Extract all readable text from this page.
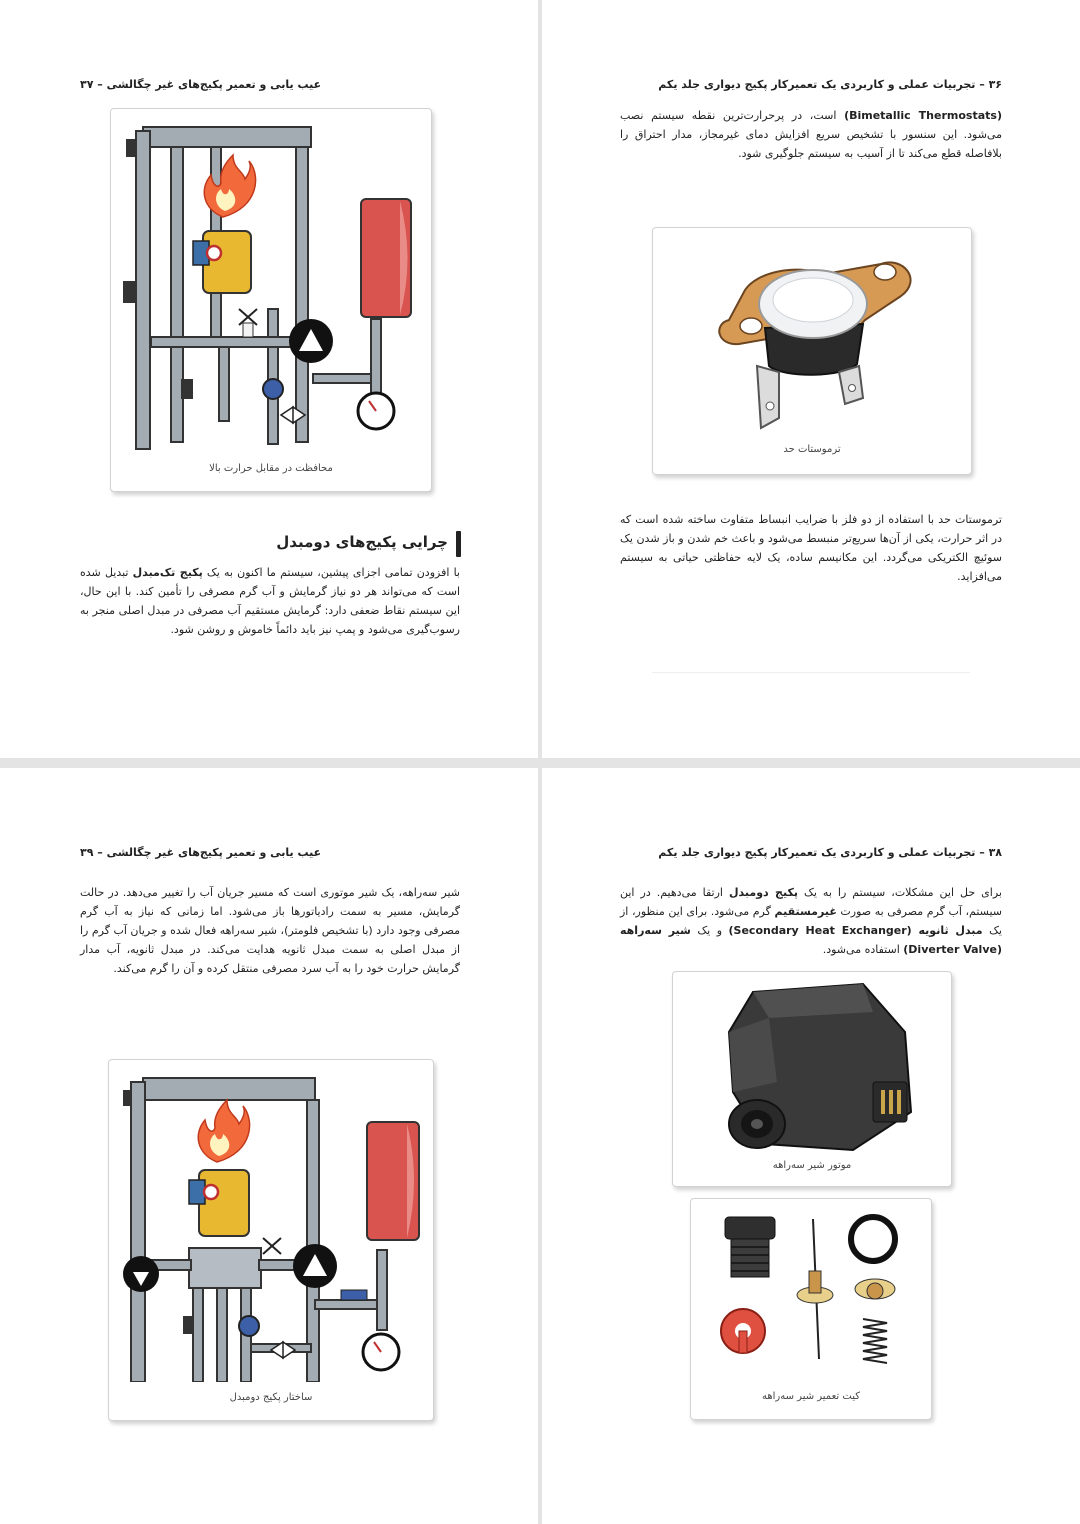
عیب یابی و تعمیر پکیج‌های غیر چگالشی – ۳۷
محافظت در مقابل حرارت بالا
چرایی پکیج‌های دومبدل
با افزودن تمامی اجزای پیشین، سیستم ما اکنون به یک پکیج تک‌مبدل تبدیل شده است که می‌تواند هر دو نیاز گرمایش و آب گرم مصرفی را تأمین کند. با این حال، این سیستم نقاط ضعفی دارد: گرمایش مستقیم آب مصرفی در مبدل اصلی منجر به رسوب‌گیری می‌شود و پمپ نیز باید دائماً خاموش و روشن شود.
۳۶ – تجربیات عملی و کاربردی یک تعمیرکار پکیج دیواری جلد یکم
(Bimetallic Thermostats) است، در پرحرارت‌ترین نقطه سیستم نصب می‌شود. این سنسور با تشخیص سریع افزایش دمای غیرمجاز، مدار احتراق را بلافاصله قطع می‌کند تا از آسیب به سیستم جلوگیری شود.
ترموستات حد
ترموستات حد با استفاده از دو فلز با ضرایب انبساط متفاوت ساخته شده است که در اثر حرارت، یکی از آن‌ها سریع‌تر منبسط می‌شود و باعث خم شدن و باز شدن یک سوئیچ الکتریکی می‌گردد. این مکانیسم ساده، یک لایه حفاظتی حیاتی به سیستم می‌افزاید.
عیب یابی و تعمیر پکیج‌های غیر چگالشی – ۳۹
شیر سه‌راهه، یک شیر موتوری است که مسیر جریان آب را تغییر می‌دهد. در حالت گرمایش، مسیر به سمت رادیاتورها باز می‌شود. اما زمانی که نیاز به آب گرم مصرفی وجود دارد (با تشخیص فلومتر)، شیر سه‌راهه فعال شده و جریان آب گرم را از مبدل اصلی به سمت مبدل ثانویه هدایت می‌کند. در مبدل ثانویه، آب مدار گرمایش حرارت خود را به آب سرد مصرفی منتقل کرده و آن را گرم می‌کند.
ساختار پکیج دومبدل
۳۸ – تجربیات عملی و کاربردی یک تعمیرکار پکیج دیواری جلد یکم
برای حل این مشکلات، سیستم را به یک پکیج دومبدل ارتقا می‌دهیم. در این سیستم، آب گرم مصرفی به صورت غیرمستقیم گرم می‌شود. برای این منظور، از یک مبدل ثانویه (Secondary Heat Exchanger) و یک شیر سه‌راهه (Diverter Valve) استفاده می‌شود.
موتور شیر سه‌راهه
کیت تعمیر شیر سه‌راهه
